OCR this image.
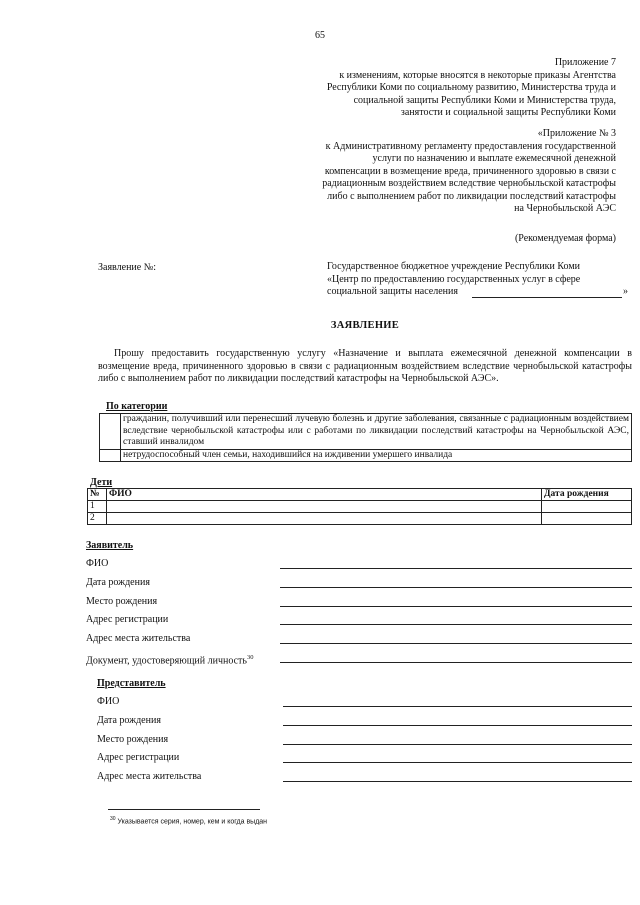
65
Приложение 7
к изменениям, которые вносятся в некоторые приказы Агентства
Республики Коми по социальному развитию, Министерства труда и
социальной защиты Республики Коми и Министерства труда,
занятости и социальной защиты Республики Коми
«Приложение № 3
к Административному регламенту предоставления государственной
услуги по назначению и выплате ежемесячной денежной
компенсации в возмещение вреда, причиненного здоровью в связи с
радиационным воздействием вследствие чернобыльской катастрофы
либо с выполнением работ по ликвидации последствий катастрофы
на Чернобыльской АЭС
(Рекомендуемая форма)
Заявление №:	Государственное бюджетное учреждение Республики Коми
«Центр по предоставлению государственных услуг в сфере
социальной защиты населения	»
ЗАЯВЛЕНИЕ
Прошу предоставить государственную услугу «Назначение и выплата ежемесячной денежной компенсации в возмещение вреда, причиненного здоровью в связи с радиационным воздействием вследствие чернобыльской катастрофы либо с выполнением работ по ликвидации последствий катастрофы на Чернобыльской АЭС».
По категории
	гражданин, получивший или перенесший лучевую болезнь и другие заболевания, связанные с радиационным воздействием вследствие чернобыльской катастрофы или с работами по ликвидации последствий катастрофы на Чернобыльской АЭС, ставший инвалидом
	нетрудоспособный член семьи, находившийся на иждивении умершего инвалида
Дети
№	ФИО	Дата рождения
1		
2		
Заявитель
ФИО
Дата рождения
Место рождения
Адрес регистрации
Адрес места жительства
Документ, удостоверяющий личность$^{30}$
Представитель
ФИО
Дата рождения
Место рождения
Адрес регистрации
Адрес места жительства
$^{30}$ Указывается серия, номер, кем и когда выдан
